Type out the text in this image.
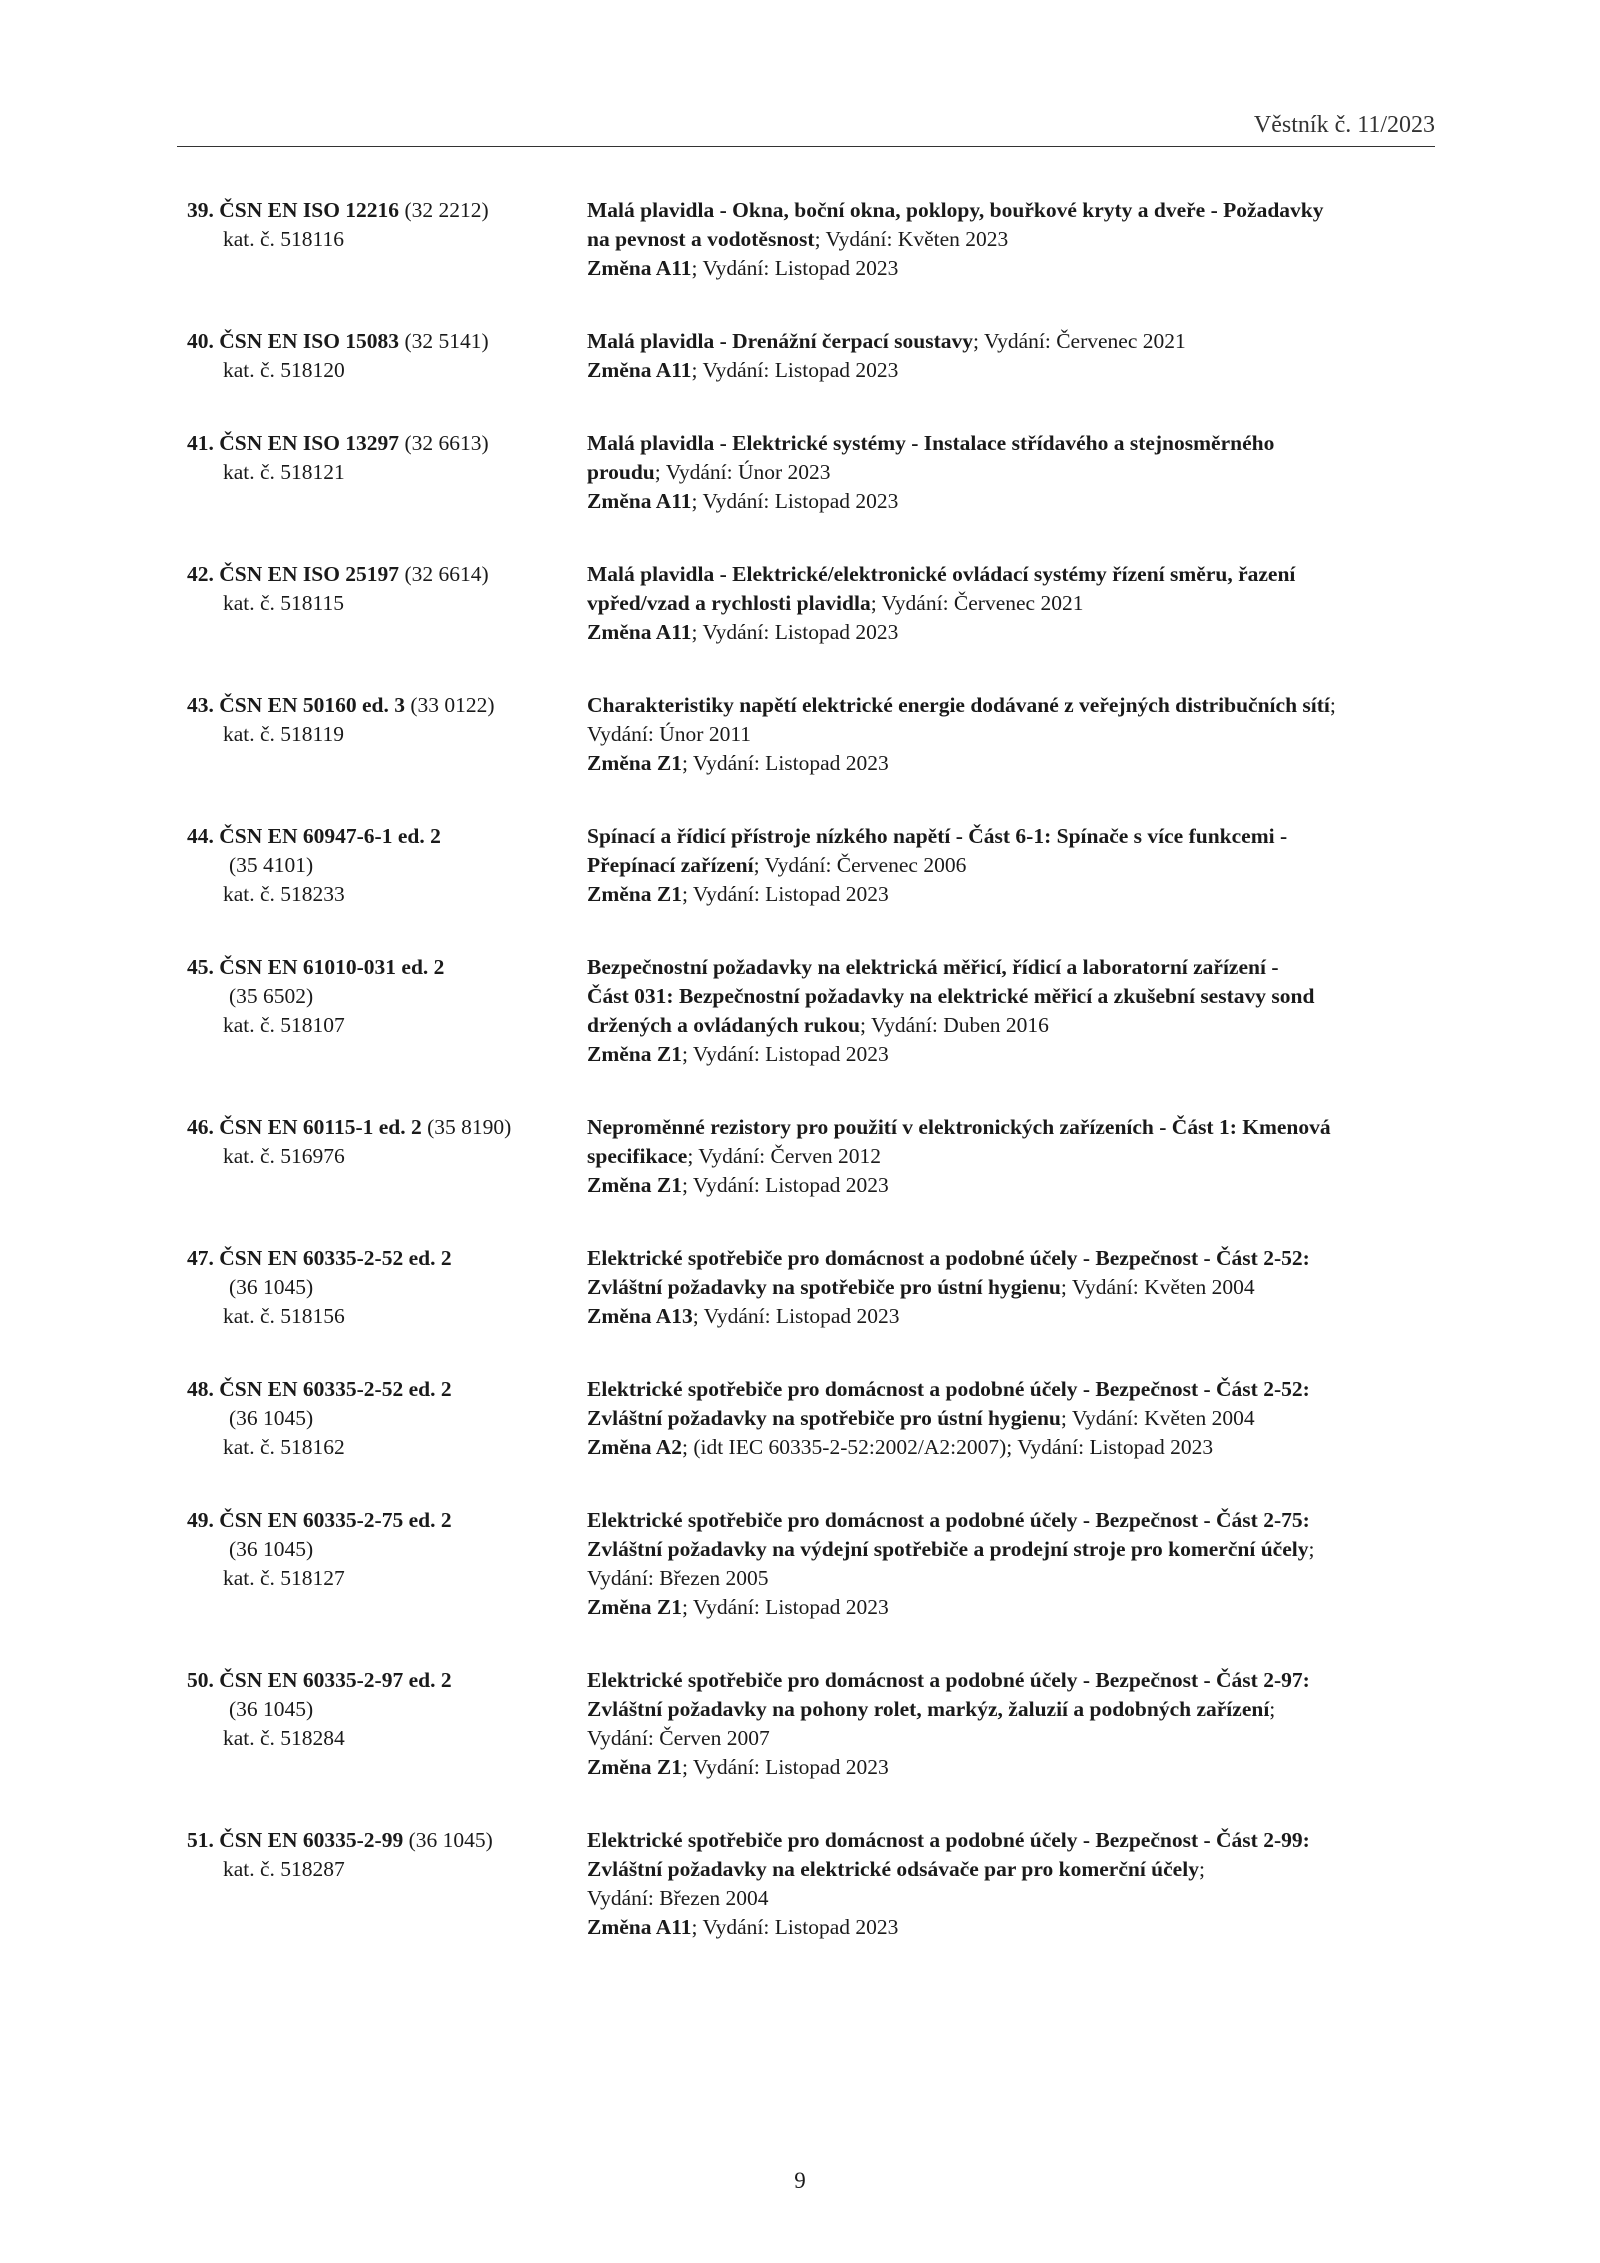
Věstník č. 11/2023
39. ČSN EN ISO 12216 (32 2212)
kat. č. 518116
Malá plavidla - Okna, boční okna, poklopy, bouřkové kryty a dveře - Požadavky
na pevnost a vodotěsnost; Vydání: Květen 2023
Změna A11; Vydání: Listopad 2023
40. ČSN EN ISO 15083 (32 5141)
kat. č. 518120
Malá plavidla - Drenážní čerpací soustavy; Vydání: Červenec 2021
Změna A11; Vydání: Listopad 2023
41. ČSN EN ISO 13297 (32 6613)
kat. č. 518121
Malá plavidla - Elektrické systémy - Instalace střídavého a stejnosměrného
proudu; Vydání: Únor 2023
Změna A11; Vydání: Listopad 2023
42. ČSN EN ISO 25197 (32 6614)
kat. č. 518115
Malá plavidla - Elektrické/elektronické ovládací systémy řízení směru, řazení
vpřed/vzad a rychlosti plavidla; Vydání: Červenec 2021
Změna A11; Vydání: Listopad 2023
43. ČSN EN 50160 ed. 3 (33 0122)
kat. č. 518119
Charakteristiky napětí elektrické energie dodávané z veřejných distribučních sítí;
Vydání: Únor 2011
Změna Z1; Vydání: Listopad 2023
44. ČSN EN 60947-6-1 ed. 2
(35 4101)
kat. č. 518233
Spínací a řídicí přístroje nízkého napětí - Část 6-1: Spínače s více funkcemi -
Přepínací zařízení; Vydání: Červenec 2006
Změna Z1; Vydání: Listopad 2023
45. ČSN EN 61010-031 ed. 2
(35 6502)
kat. č. 518107
Bezpečnostní požadavky na elektrická měřicí, řídicí a laboratorní zařízení -
Část 031: Bezpečnostní požadavky na elektrické měřicí a zkušební sestavy sond
držených a ovládaných rukou; Vydání: Duben 2016
Změna Z1; Vydání: Listopad 2023
46. ČSN EN 60115-1 ed. 2 (35 8190)
kat. č. 516976
Neproměnné rezistory pro použití v elektronických zařízeních - Část 1: Kmenová
specifikace; Vydání: Červen 2012
Změna Z1; Vydání: Listopad 2023
47. ČSN EN 60335-2-52 ed. 2
(36 1045)
kat. č. 518156
Elektrické spotřebiče pro domácnost a podobné účely - Bezpečnost - Část 2-52:
Zvláštní požadavky na spotřebiče pro ústní hygienu; Vydání: Květen 2004
Změna A13; Vydání: Listopad 2023
48. ČSN EN 60335-2-52 ed. 2
(36 1045)
kat. č. 518162
Elektrické spotřebiče pro domácnost a podobné účely - Bezpečnost - Část 2-52:
Zvláštní požadavky na spotřebiče pro ústní hygienu; Vydání: Květen 2004
Změna A2; (idt IEC 60335-2-52:2002/A2:2007); Vydání: Listopad 2023
49. ČSN EN 60335-2-75 ed. 2
(36 1045)
kat. č. 518127
Elektrické spotřebiče pro domácnost a podobné účely - Bezpečnost - Část 2-75:
Zvláštní požadavky na výdejní spotřebiče a prodejní stroje pro komerční účely;
Vydání: Březen 2005
Změna Z1; Vydání: Listopad 2023
50. ČSN EN 60335-2-97 ed. 2
(36 1045)
kat. č. 518284
Elektrické spotřebiče pro domácnost a podobné účely - Bezpečnost - Část 2-97:
Zvláštní požadavky na pohony rolet, markýz, žaluzií a podobných zařízení;
Vydání: Červen 2007
Změna Z1; Vydání: Listopad 2023
51. ČSN EN 60335-2-99 (36 1045)
kat. č. 518287
Elektrické spotřebiče pro domácnost a podobné účely - Bezpečnost - Část 2-99:
Zvláštní požadavky na elektrické odsávače par pro komerční účely;
Vydání: Březen 2004
Změna A11; Vydání: Listopad 2023
9
